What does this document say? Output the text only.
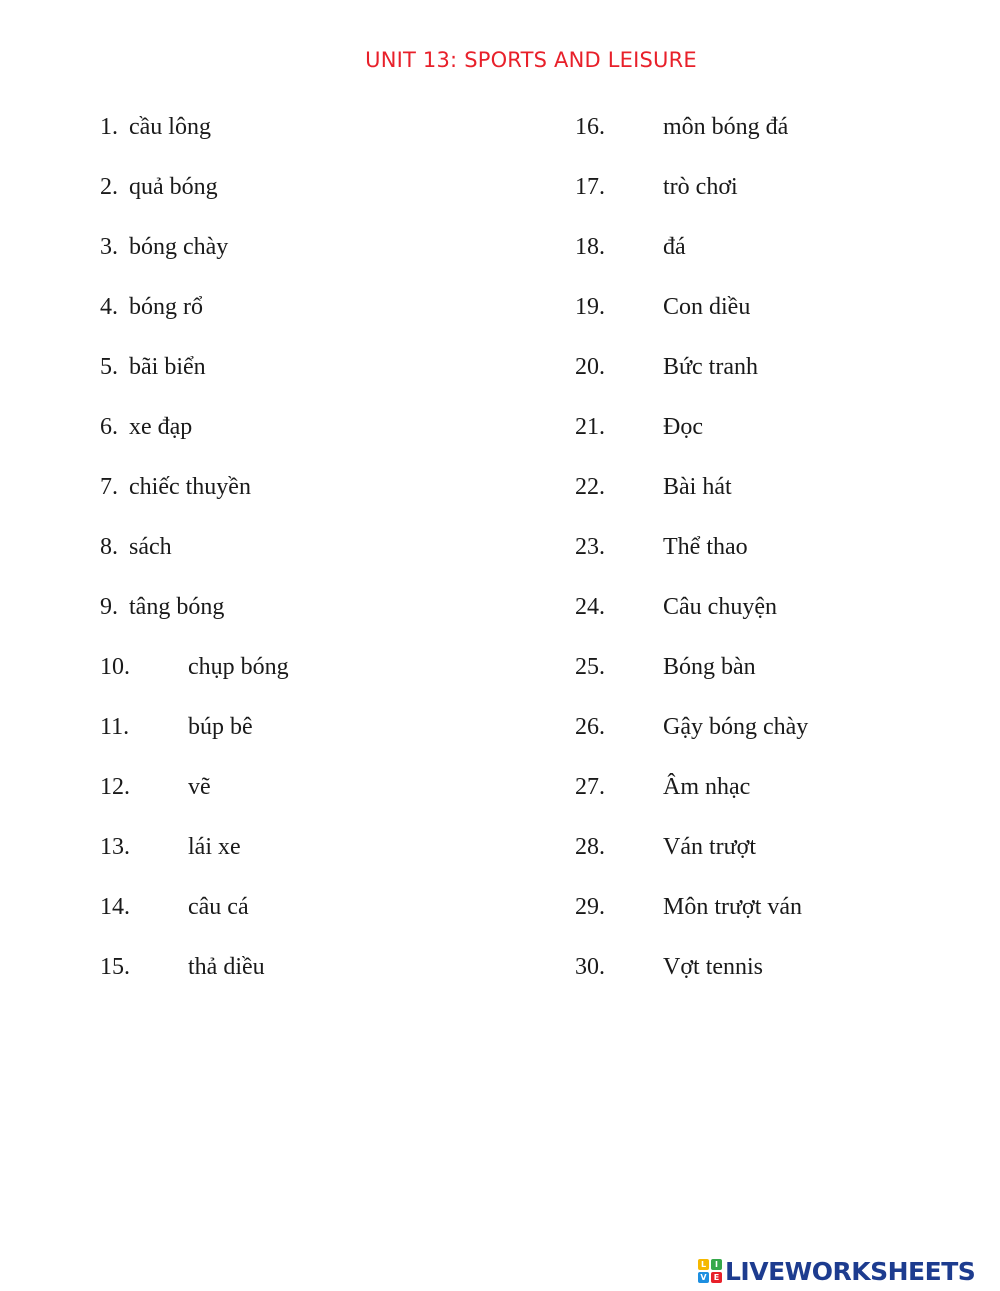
UNIT 13: SPORTS AND LEISURE
1. cầu lông
2. quả bóng
3. bóng chày
4. bóng rổ
5. bãi biển
6. xe đạp
7. chiếc thuyền
8. sách
9. tâng bóng
10. chụp bóng
11. búp bê
12. vẽ
13. lái xe
14. câu cá
15. thả diều
16. môn bóng đá
17. trò chơi
18. đá
19. Con diều
20. Bức tranh
21. Đọc
22. Bài hát
23. Thể thao
24. Câu chuyện
25. Bóng bàn
26. Gậy bóng chày
27. Âm nhạc
28. Ván trượt
29. Môn trượt ván
30. Vợt tennis
L	I
V E LIVEWORKSHEETS
